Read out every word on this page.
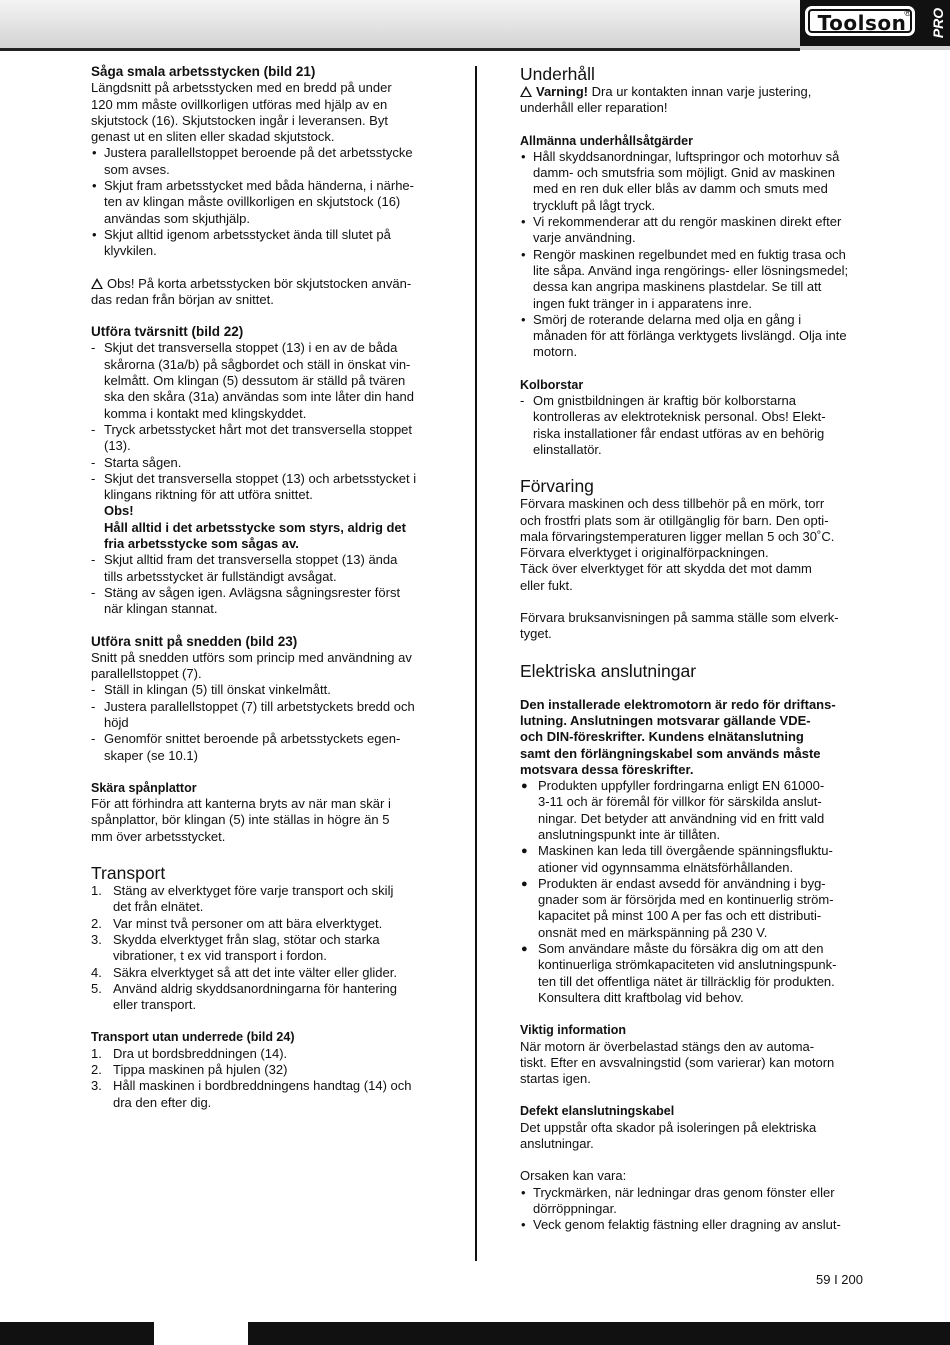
Toolson
® PRO
Såga smala arbetsstycken (bild 21)

Längdsnitt på arbetsstycken med en bredd på under
120 mm måste ovillkorligen utföras med hjälp av en
skjutstock (16). Skjutstocken ingår i leveransen. Byt
genast ut en sliten eller skadad skjutstock.

• Justera parallellstoppet beroende på det arbetsstycke
som avses.
• Skjut fram arbetsstycket med båda händerna, i närhe-
ten av klingan måste ovillkorligen en skjutstock (16)
användas som skjuthjälp.
• Skjut alltid igenom arbetsstycket ända till slutet på
klyvkilen.

Obs! På korta arbetsstycken bör skjutstocken använ-
das redan från början av snittet.

Utföra tvärsnitt (bild 22)
- Skjut det transversella stoppet (13) i en av de båda
skårorna (31a/b) på sågbordet och ställ in önskat vin-
kelmått. Om klingan (5) dessutom är ställd på tvären
ska den skåra (31a) användas som inte låter din hand
komma i kontakt med klingskyddet.
- Tryck arbetsstycket hårt mot det transversella stoppet
(13).
- Starta sågen.
- Skjut det transversella stoppet (13) och arbetsstycket i
klingans riktning för att utföra snittet.
Obs!
Håll alltid i det arbetsstycke som styrs, aldrig det
fria arbetsstycke som sågas av.
- Skjut alltid fram det transversella stoppet (13) ända
tills arbetsstycket är fullständigt avsågat.
- Stäng av sågen igen. Avlägsna sågningsrester först
när klingan stannat.
Utföra snitt på snedden (bild 23)

Snitt på snedden utförs som princip med användning av
parallellstoppet (7).

- Ställ in klingan (5) till önskat vinkelmått.
- Justera parallellstoppet (7) till arbetstyckets bredd och
höjd
- Genomför snittet beroende på arbetsstyckets egen-
skaper (se 10.1)
Skära spånplattor

För att förhindra att kanterna bryts av när man skär i
spånplattor, bör klingan (5) inte ställas in högre än 5
mm över arbetsstycket.

Transport
1. Stäng av elverktyget före varje transport och skilj
det från elnätet.
2. Var minst två personer om att bära elverktyget.
3. Skydda elverktyget från slag, stötar och starka
vibrationer, t ex vid transport i fordon.
4. Säkra elverktyget så att det inte välter eller glider.
5. Använd aldrig skyddsanordningarna för hantering
eller transport.
Transport utan underrede (bild 24)
1. Dra ut bordsbreddningen (14).
2. Tippa maskinen på hjulen (32)
3. Håll maskinen i bordbreddningens handtag (14) och
dra den efter dig.
Underhåll

Varning! Dra ur kontakten innan varje justering,
underhåll eller reparation!

Allmänna underhållsåtgärder
• Håll skyddsanordningar, luftspringor och motorhuv så
damm- och smutsfria som möjligt. Gnid av maskinen
med en ren duk eller blås av damm och smuts med
tryckluft på lågt tryck.
• Vi rekommenderar att du rengör maskinen direkt efter
varje användning.
• Rengör maskinen regelbundet med en fuktig trasa och
lite såpa. Använd inga rengörings- eller lösningsmedel;
dessa kan angripa maskinens plastdelar. Se till att
ingen fukt tränger in i apparatens inre.
• Smörj de roterande delarna med olja en gång i
månaden för att förlänga verktygets livslängd. Olja inte
motorn.
Kolborstar
- Om gnistbildningen är kraftig bör kolborstarna
kontrolleras av elektroteknisk personal. Obs! Elekt-
riska installationer får endast utföras av en behörig
elinstallatör.
Förvaring

Förvara maskinen och dess tillbehör på en mörk, torr
och frostfri plats som är otillgänglig för barn. Den opti-
mala förvaringstemperaturen ligger mellan 5 och 30˚C.
Förvara elverktyget i originalförpackningen.
Täck över elverktyget för att skydda det mot damm
eller fukt.

Förvara bruksanvisningen på samma ställe som elverk-
tyget.

Elektriska anslutningar

Den installerade elektromotorn är redo för driftans-
lutning. Anslutningen motsvarar gällande VDE-
och DIN-föreskrifter. Kundens elnätanslutning
samt den förlängningskabel som används måste
motsvara dessa föreskrifter.

● Produkten uppfyller fordringarna enligt EN 61000-
3-11 och är föremål för villkor för särskilda anslut-
ningar. Det betyder att användning vid en fritt vald
anslutningspunkt inte är tillåten.
● Maskinen kan leda till övergående spänningsfluktu-
ationer vid ogynnsamma elnätsförhållanden.
● Produkten är endast avsedd för användning i byg-
gnader som är försörjda med en kontinuerlig ström-
kapacitet på minst 100 A per fas och ett distributi-
onsnät med en märkspänning på 230 V.
● Som användare måste du försäkra dig om att den
kontinuerliga strömkapaciteten vid anslutningspunk-
ten till det offentliga nätet är tillräcklig för produkten.
Konsultera ditt kraftbolag vid behov.
Viktig information

När motorn är överbelastad stängs den av automa-
tiskt. Efter en avsvalningstid (som varierar) kan motorn
startas igen.

Defekt elanslutningskabel

Det uppstår ofta skador på isoleringen på elektriska
anslutningar.

Orsaken kan vara:

• Tryckmärken, när ledningar dras genom fönster eller
dörröppningar.
• Veck genom felaktig fästning eller dragning av anslut-
59 I 200
